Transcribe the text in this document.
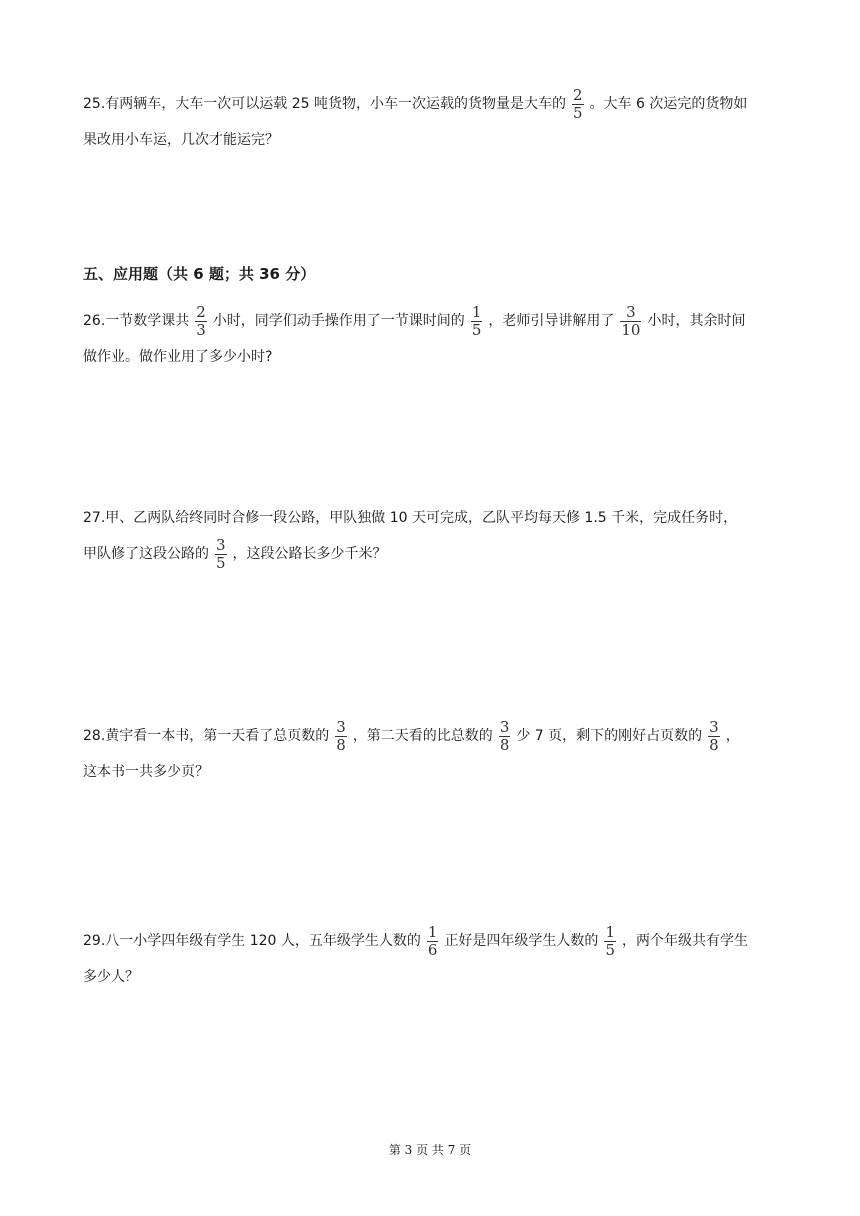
25.有两辆车，大车一次可以运载 25 吨货物，小车一次运载的货物量是大车的 $\frac{2}{5}$ 。大车 6 次运完的货物如
果改用小车运，几次才能运完？
五、应用题（共 6 题；共 36 分）
26.一节数学课共 $\frac{2}{3}$ 小时，同学们动手操作用了一节课时间的 $\frac{1}{5}$ ，老师引导讲解用了 $\frac{3}{10}$ 小时，其余时间
做作业。做作业用了多少小时?
27.甲、乙两队给终同时合修一段公路，甲队独做 10 天可完成，乙队平均每天修 1.5 千米，完成任务时，
甲队修了这段公路的 $\frac{3}{5}$ ，这段公路长多少千米？
28.黄宇看一本书，第一天看了总页数的 $\frac{3}{8}$ ，第二天看的比总数的 $\frac{3}{8}$ 少 7 页，剩下的刚好占页数的 $\frac{3}{8}$ ，
这本书一共多少页？
29.八一小学四年级有学生 120 人，五年级学生人数的 $\frac{1}{6}$ 正好是四年级学生人数的 $\frac{1}{5}$ ，两个年级共有学生
多少人？
第 3 页 共 7 页
